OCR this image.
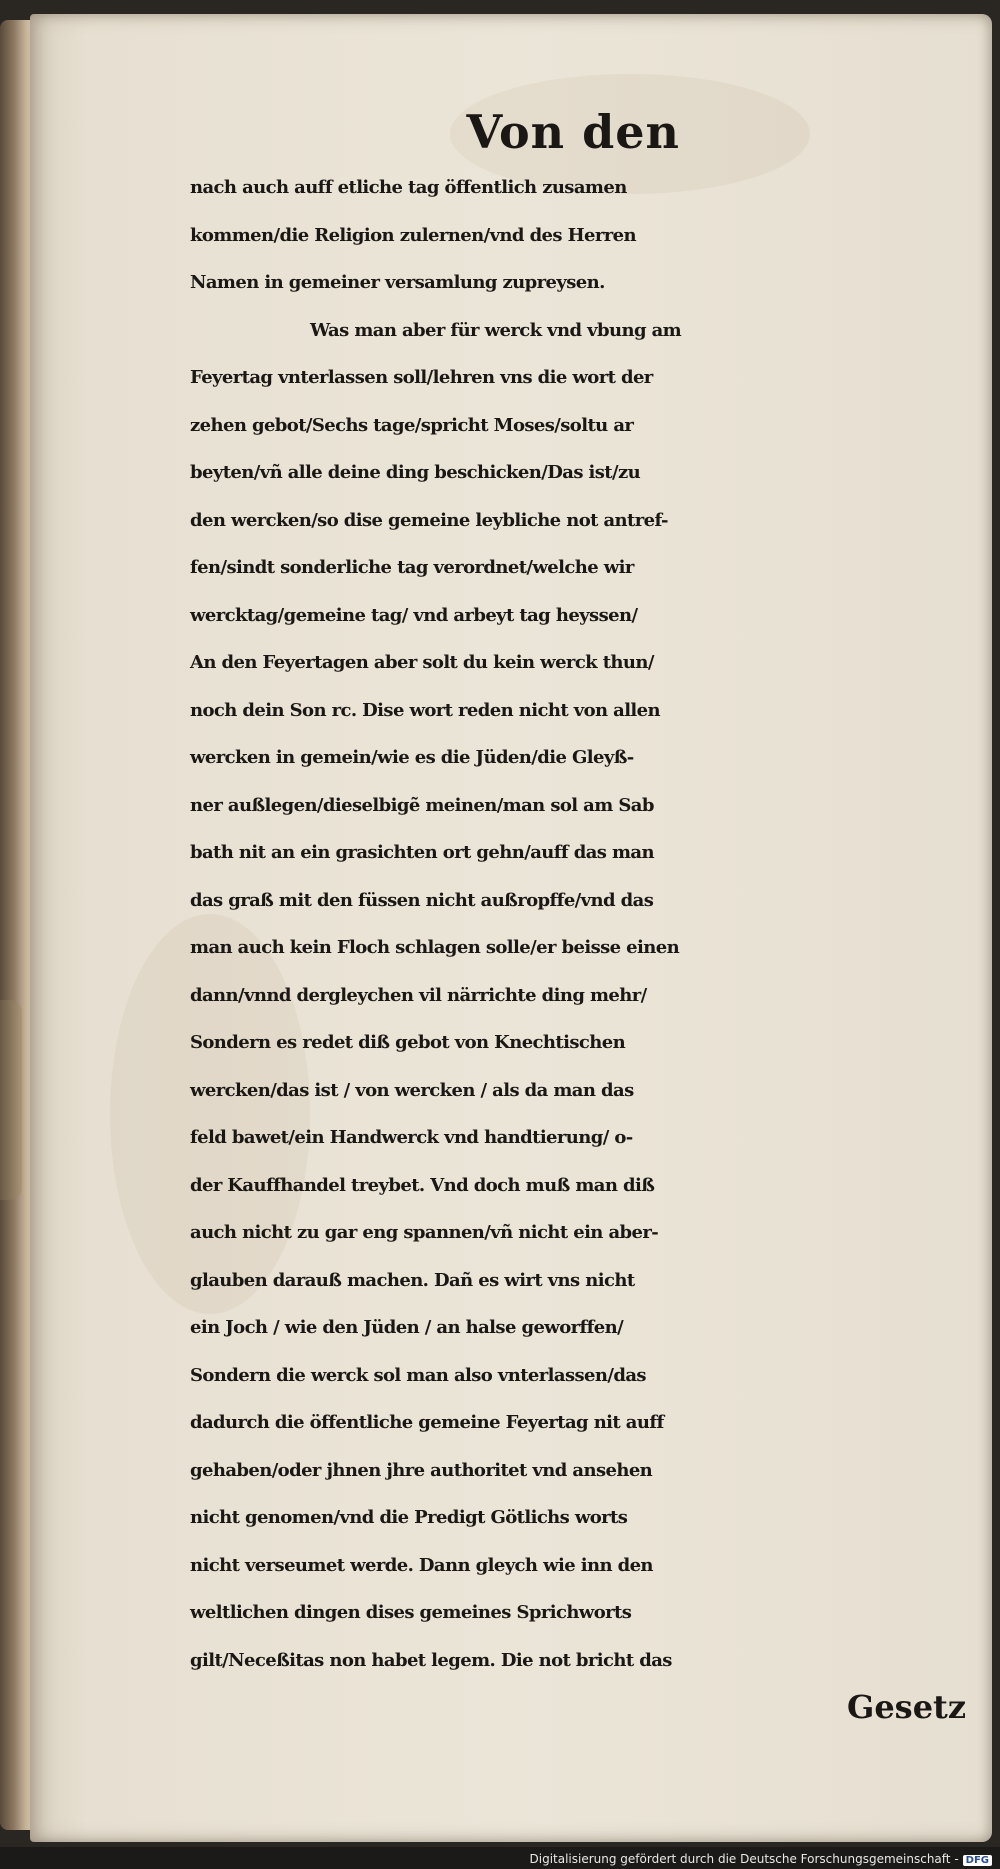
Von den
nach auch auff etliche tag öffentlich zusamen
kommen/die Religion zulernen/vnd des Herren
Namen in gemeiner versamlung zupreysen.
Was man aber für werck vnd vbung am
Feyertag vnterlassen soll/lehren vns die wort der
zehen gebot/Sechs tage/spricht Moses/soltu ar
beyten/vñ alle deine ding beschicken/Das ist/zu
den wercken/so dise gemeine leybliche not antref-
fen/sindt sonderliche tag verordnet/welche wir
wercktag/gemeine tag/ vnd arbeyt tag heyssen/
An den Feyertagen aber solt du kein werck thun/
noch dein Son rc. Dise wort reden nicht von allen
wercken in gemein/wie es die Jüden/die Gleyß-
ner außlegen/dieselbigẽ meinen/man sol am Sab
bath nit an ein grasichten ort gehn/auff das man
das graß mit den füssen nicht außropffe/vnd das
man auch kein Floch schlagen solle/er beisse einen
dann/vnnd dergleychen vil närrichte ding mehr/
Sondern es redet diß gebot von Knechtischen
wercken/das ist / von wercken / als da man das
feld bawet/ein Handwerck vnd handtierung/ o-
der Kauffhandel treybet. Vnd doch muß man diß
auch nicht zu gar eng spannen/vñ nicht ein aber-
glauben darauß machen. Dañ es wirt vns nicht
ein Joch / wie den Jüden / an halse geworffen/
Sondern die werck sol man also vnterlassen/das
dadurch die öffentliche gemeine Feyertag nit auff
gehaben/oder jhnen jhre authoritet vnd ansehen
nicht genomen/vnd die Predigt Götlichs worts
nicht verseumet werde. Dann gleych wie inn den
weltlichen dingen dises gemeines Sprichworts
gilt/Neceßitas non habet legem. Die not bricht das
Gesetz
Digitalisierung gefördert durch die Deutsche Forschungsgemeinschaft - DFG
